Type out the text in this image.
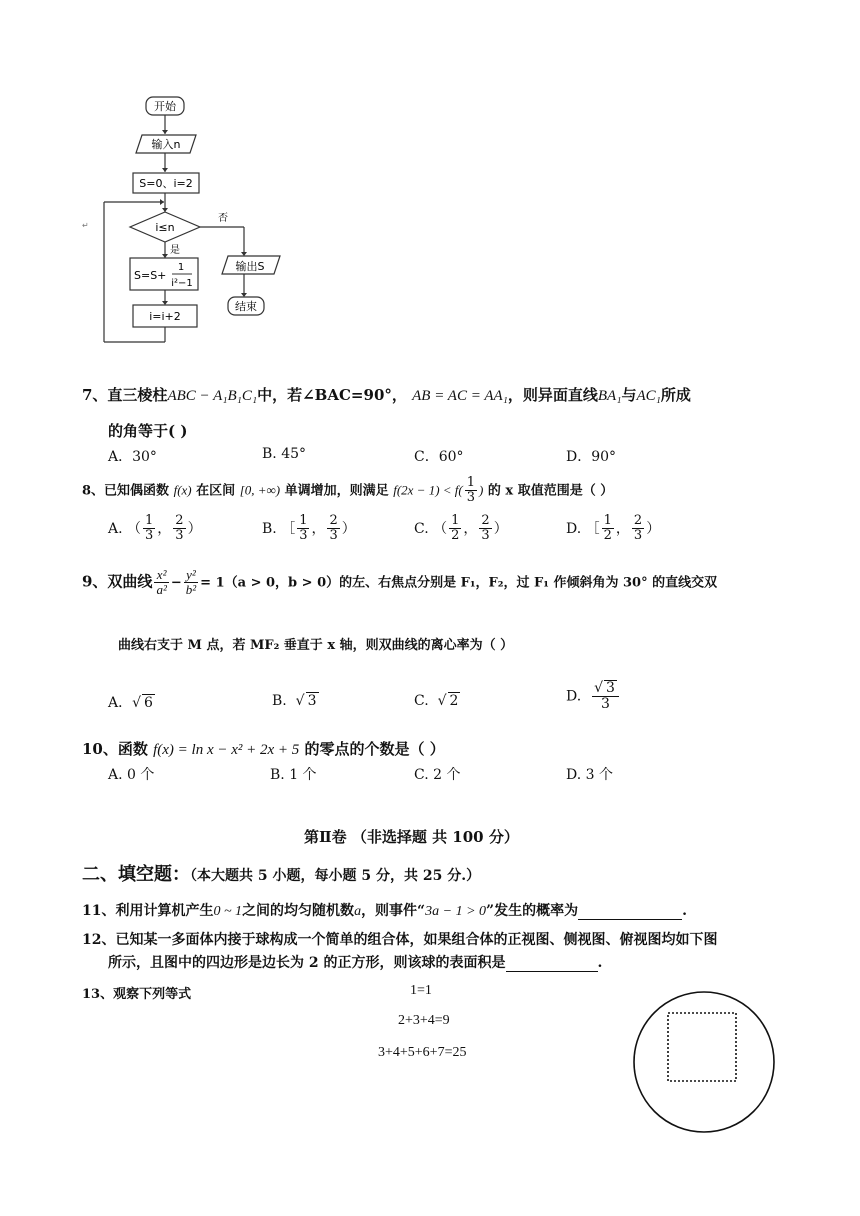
↵
开始
输入n
S=0、i=2
i≤n
否
是
S=S+
1
i²−1
i=i+2
输出S
结束
7、直三棱柱ABC − A₁B₁C₁中，若∠BAC=90°， AB = AC = AA₁，则异面直线BA₁与AC₁所成
的角等于( )
A．30°	B. 45°	C．60°	D．90°
8、已知偶函数 f(x) 在区间 [0, +∞) 单调增加，则满足 $f(2x - 1) < f( \frac{1}{3}$ ) 的 x 取值范围是（ ）
A. （ $\frac{1}{3}$ ， $\frac{2}{3}$ ）	B. ［ $\frac{1}{3}$ ， $\frac{2}{3}$ ）	C. （ $\frac{1}{2}$ ， $\frac{2}{3}$ ）	D. ［ $\frac{1}{2}$ ， $\frac{2}{3}$ ）
9、双曲线 $\frac{\text{x²}}{\text{a²}} - \frac{\text{y²}}{\text{b²}} = 1(a > 0$，b > 0）的左、右焦点分别是 F₁，F₂，过 F₁ 作倾斜角为 30° 的直线交双
曲线右支于 M 点，若 MF₂ 垂直于 x 轴，则双曲线的离心率为（ ）
A．√ 6	B.  √ 3	C.  √ 2	D. $\frac{√ 3}{3}$
10、函数 f(x) = ln x − x² + 2x + 5 的零点的个数是（ ）
A. 0 个	B. 1 个	C. 2 个	D. 3 个
第Ⅱ卷 （非选择题 共 100 分）
二、填空题：（本大题共 5 小题，每小题 5 分，共 25 分.）
11、利用计算机产生0 ~ 1之间的均匀随机数a，则事件“3a − 1 > 0”发生的概率为	.
12、已知某一多面体内接于球构成一个简单的组合体，如果组合体的正视图、侧视图、俯视图均如下图
所示，且图中的四边形是边长为 2 的正方形，则该球的表面积是	.
13、观察下列等式	1=1
2+3+4=9
3+4+5+6+7=25
